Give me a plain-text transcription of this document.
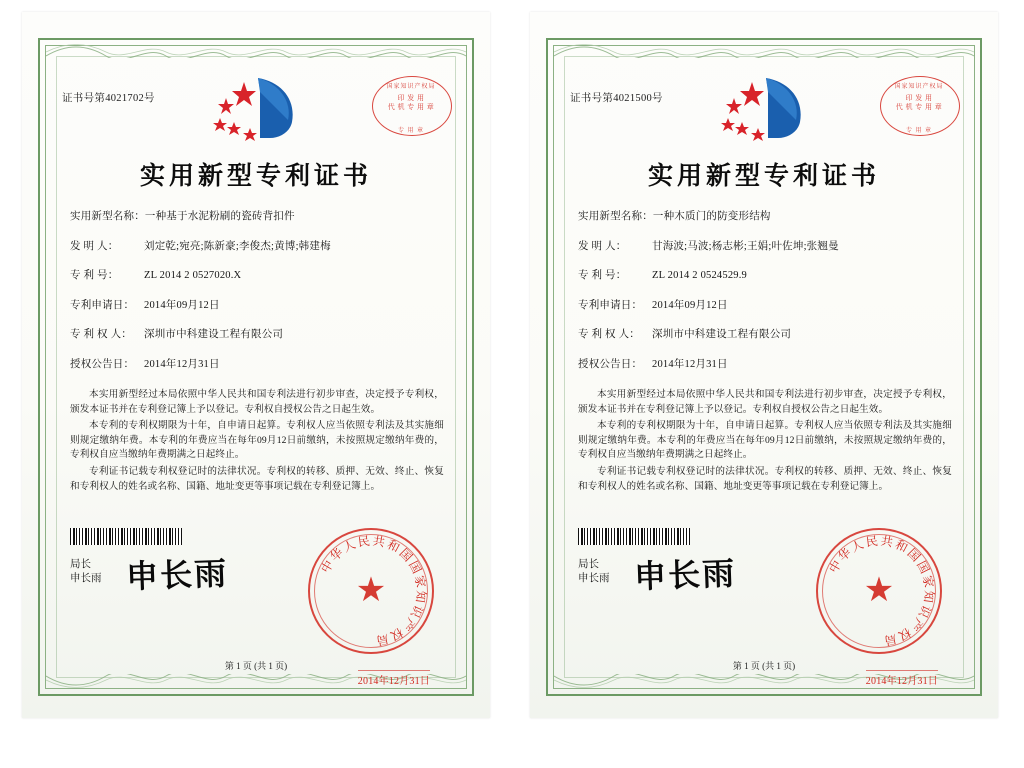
证书号第4021702号
国家知识产权局
印 发 用
代 机 专 用 章
专 用 章
实用新型专利证书
实用新型名称：一种基于水泥粉刷的瓷砖背扣件
发 明 人： 刘定乾;宛亮;陈新豪;李俊杰;黄博;韩建梅
专 利 号： ZL 2014 2 0527020.X
专利申请日： 2014年09月12日
专 利 权 人： 深圳市中科建设工程有限公司
授权公告日： 2014年12月31日

本实用新型经过本局依照中华人民共和国专利法进行初步审查，决定授予专利权，颁发本证书并在专利登记簿上予以登记。专利权自授权公告之日起生效。

本专利的专利权期限为十年，自申请日起算。专利权人应当依照专利法及其实施细则规定缴纳年费。本专利的年费应当在每年09月12日前缴纳，未按照规定缴纳年费的，专利权自应当缴纳年费期满之日起终止。

专利证书记载专利权登记时的法律状况。专利权的转移、质押、无效、终止、恢复和专利权人的姓名或名称、国籍、地址变更等事项记载在专利登记簿上。

局长
申长雨 申长雨	中华人民共和国国家知识产权局
★
2014年12月31日
第 1 页 (共 1 页)
证书号第4021500号
国家知识产权局
印 发 用
代 机 专 用 章
专 用 章
实用新型专利证书
实用新型名称：一种木质门的防变形结构
发 明 人： 甘海波;马波;杨志彬;王娟;叶佐坤;张翘曼
专 利 号： ZL 2014 2 0524529.9
专利申请日： 2014年09月12日
专 利 权 人： 深圳市中科建设工程有限公司
授权公告日： 2014年12月31日

本实用新型经过本局依照中华人民共和国专利法进行初步审查，决定授予专利权，颁发本证书并在专利登记簿上予以登记。专利权自授权公告之日起生效。

本专利的专利权期限为十年，自申请日起算。专利权人应当依照专利法及其实施细则规定缴纳年费。本专利的年费应当在每年09月12日前缴纳，未按照规定缴纳年费的，专利权自应当缴纳年费期满之日起终止。

专利证书记载专利权登记时的法律状况。专利权的转移、质押、无效、终止、恢复和专利权人的姓名或名称、国籍、地址变更等事项记载在专利登记簿上。

局长
申长雨 申长雨	中华人民共和国国家知识产权局
★
2014年12月31日
第 1 页 (共 1 页)
